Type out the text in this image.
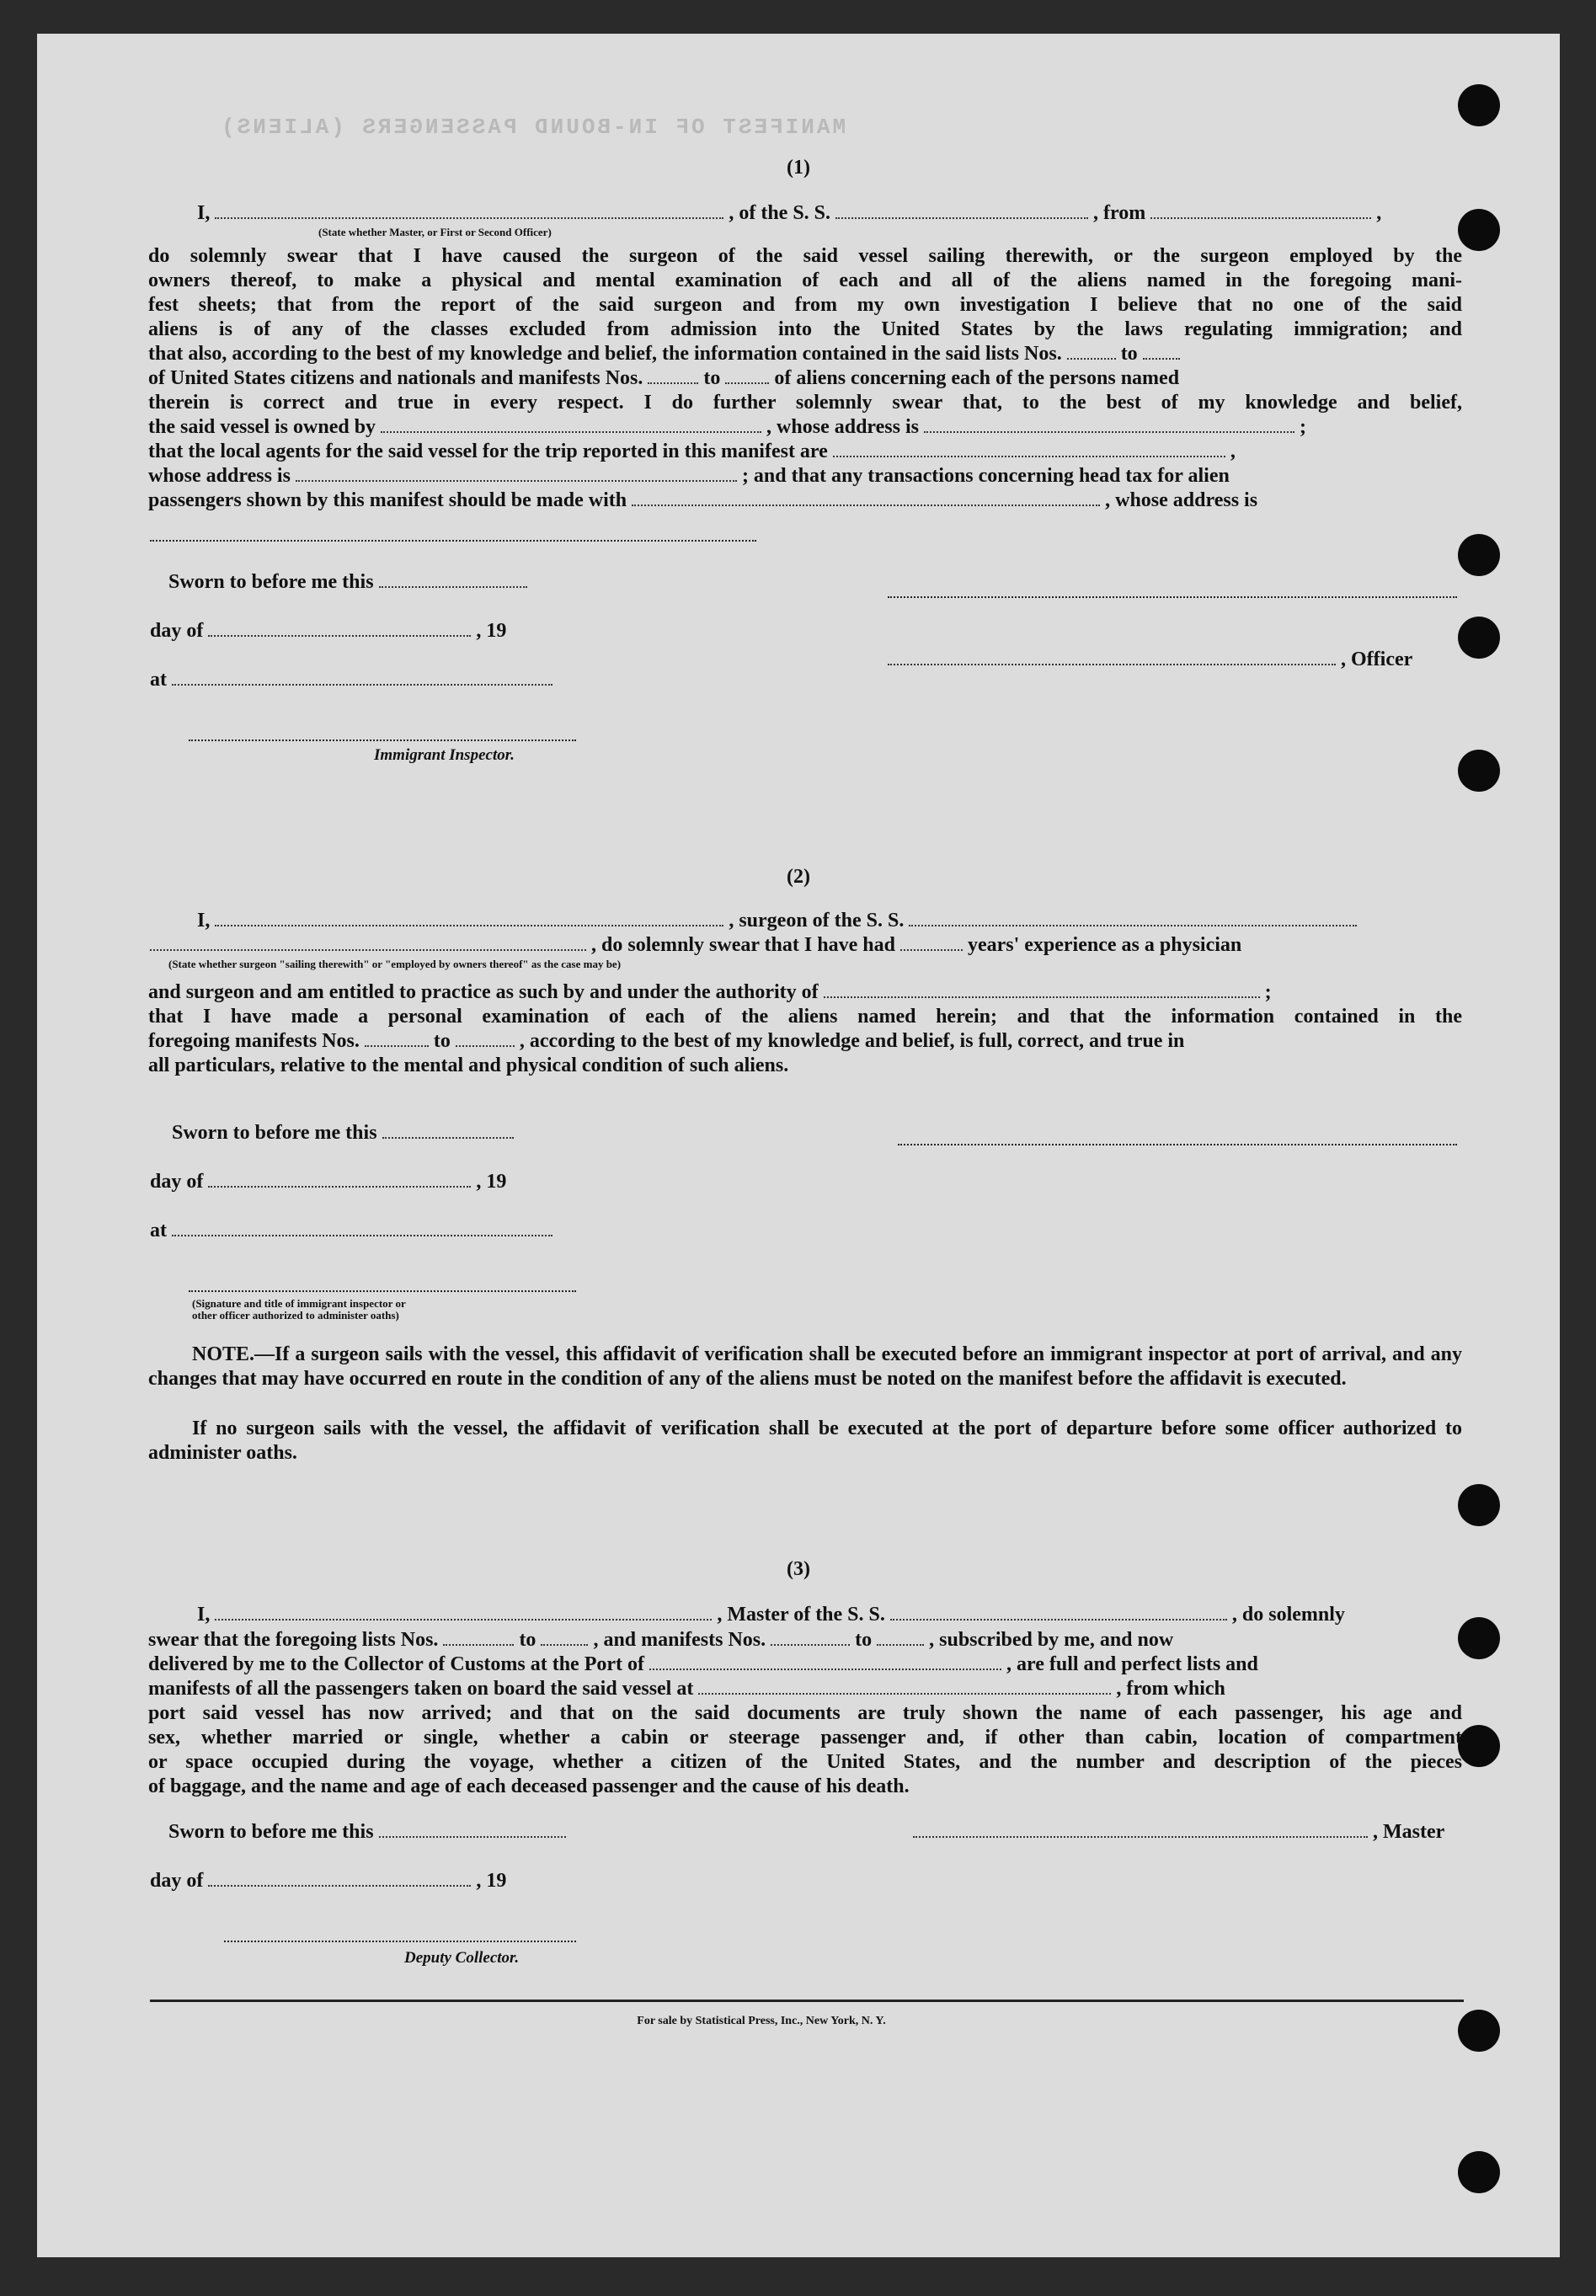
MANIFEST OF IN-BOUND PASSENGERS (ALIENS)
(1)
I,	, of the S. S.	, from	,
(State whether Master, or First or Second Officer)
do solemnly swear that I have caused the surgeon of the said vessel sailing therewith, or the surgeon employed by the
owners thereof, to make a physical and mental examination of each and all of the aliens named in the foregoing mani-
fest sheets; that from the report of the said surgeon and from my own investigation I believe that no one of the said
aliens is of any of the classes excluded from admission into the United States by the laws regulating immigration; and
that also, according to the best of my knowledge and belief, the information contained in the said lists Nos.	to
of United States citizens and nationals and manifests Nos.	to	of aliens concerning each of the persons named
therein is correct and true in every respect. I do further solemnly swear that, to the best of my knowledge and belief,
the said vessel is owned by	, whose address is	;
that the local agents for the said vessel for the trip reported in this manifest are	,
whose address is	; and that any transactions concerning head tax for alien
passengers shown by this manifest should be made with	, whose address is
Sworn to before me this
day of	, 19
, Officer
at
Immigrant Inspector.
(2)
I,	, surgeon of the S. S.
, do solemnly swear that I have had	years' experience as a physician
(State whether surgeon "sailing therewith" or "employed by owners thereof" as the case may be)
and surgeon and am entitled to practice as such by and under the authority of	;
that I have made a personal examination of each of the aliens named herein; and that the information contained in the
foregoing manifests Nos.	to	, according to the best of my knowledge and belief, is full, correct, and true in
all particulars, relative to the mental and physical condition of such aliens.
Sworn to before me this
day of	, 19
at
(Signature and title of immigrant inspector or
other officer authorized to administer oaths)
NOTE.—If a surgeon sails with the vessel, this affidavit of verification shall be executed before an immigrant inspector at port of arrival, and any changes that may have occurred en route in the condition of any of the aliens must be noted on the manifest before the affidavit is executed.
If no surgeon sails with the vessel, the affidavit of verification shall be executed at the port of departure before some officer authorized to administer oaths.
(3)
I,	, Master of the S. S.	, do solemnly
swear that the foregoing lists Nos.	to	, and manifests Nos.	to	, subscribed by me, and now
delivered by me to the Collector of Customs at the Port of	, are full and perfect lists and
manifests of all the passengers taken on board the said vessel at	, from which
port said vessel has now arrived; and that on the said documents are truly shown the name of each passenger, his age and
sex, whether married or single, whether a cabin or steerage passenger and, if other than cabin, location of compartment
or space occupied during the voyage, whether a citizen of the United States, and the number and description of the pieces
of baggage, and the name and age of each deceased passenger and the cause of his death.
Sworn to before me this	, Master
day of	, 19
Deputy Collector.
For sale by Statistical Press, Inc., New York, N. Y.
